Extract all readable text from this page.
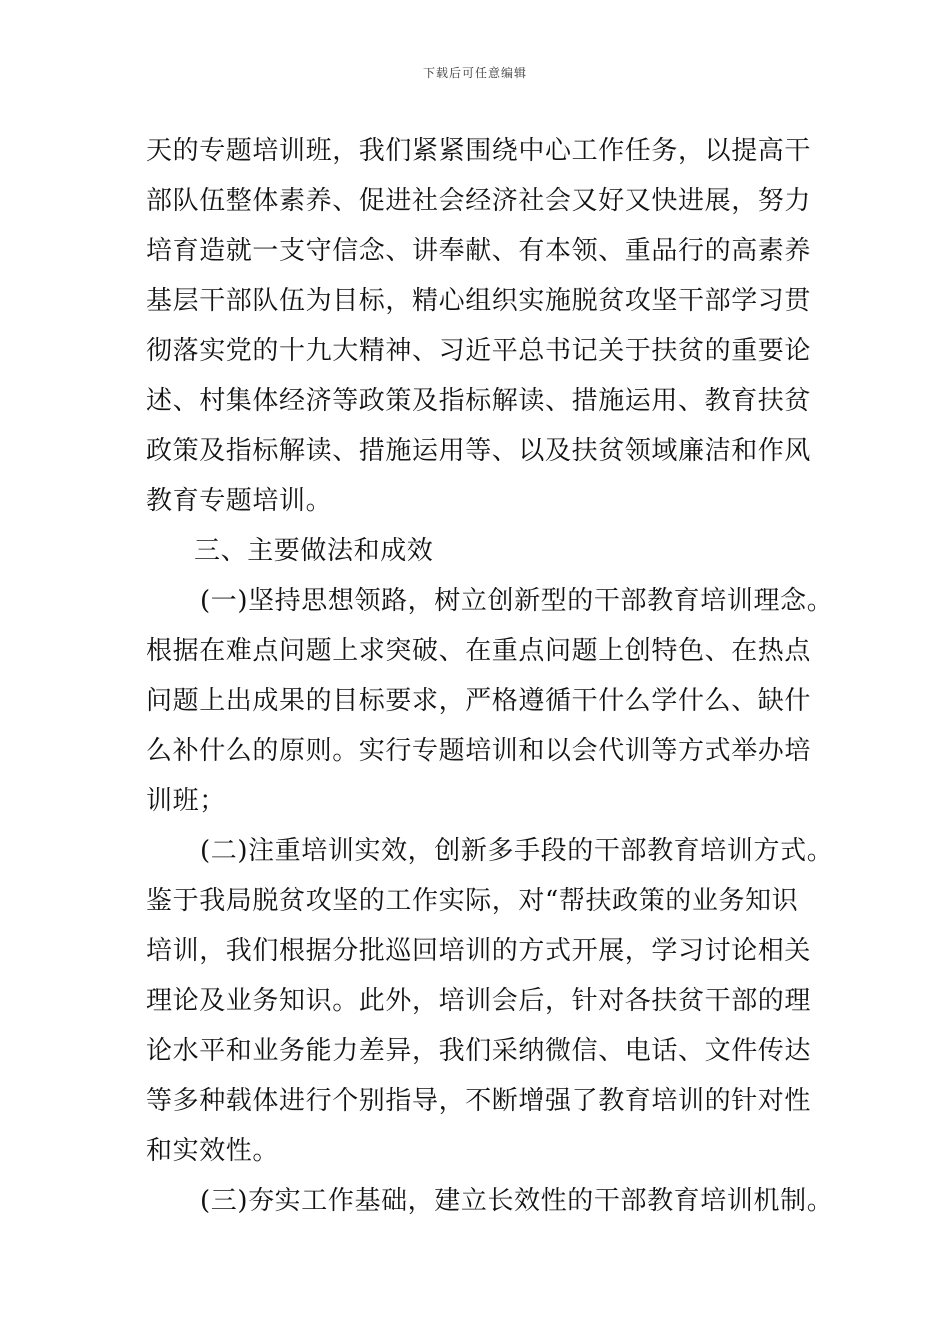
下载后可任意编辑
天的专题培训班，我们紧紧围绕中心工作任务，以提高干
部队伍整体素养、促进社会经济社会又好又快进展，努力
培育造就一支守信念、讲奉献、有本领、重品行的高素养
基层干部队伍为目标，精心组织实施脱贫攻坚干部学习贯
彻落实党的十九大精神、习近平总书记关于扶贫的重要论
述、村集体经济等政策及指标解读、措施运用、教育扶贫
政策及指标解读、措施运用等、以及扶贫领域廉洁和作风
教育专题培训。
三、主要做法和成效
(一)坚持思想领路，树立创新型的干部教育培训理念。
根据在难点问题上求突破、在重点问题上创特色、在热点
问题上出成果的目标要求，严格遵循干什么学什么、缺什
么补什么的原则。实行专题培训和以会代训等方式举办培
训班；
(二)注重培训实效，创新多手段的干部教育培训方式。
鉴于我局脱贫攻坚的工作实际，对“帮扶政策的业务知识
培训，我们根据分批巡回培训的方式开展，学习讨论相关
理论及业务知识。此外，培训会后，针对各扶贫干部的理
论水平和业务能力差异，我们采纳微信、电话、文件传达
等多种载体进行个别指导，不断增强了教育培训的针对性
和实效性。
(三)夯实工作基础，建立长效性的干部教育培训机制。
